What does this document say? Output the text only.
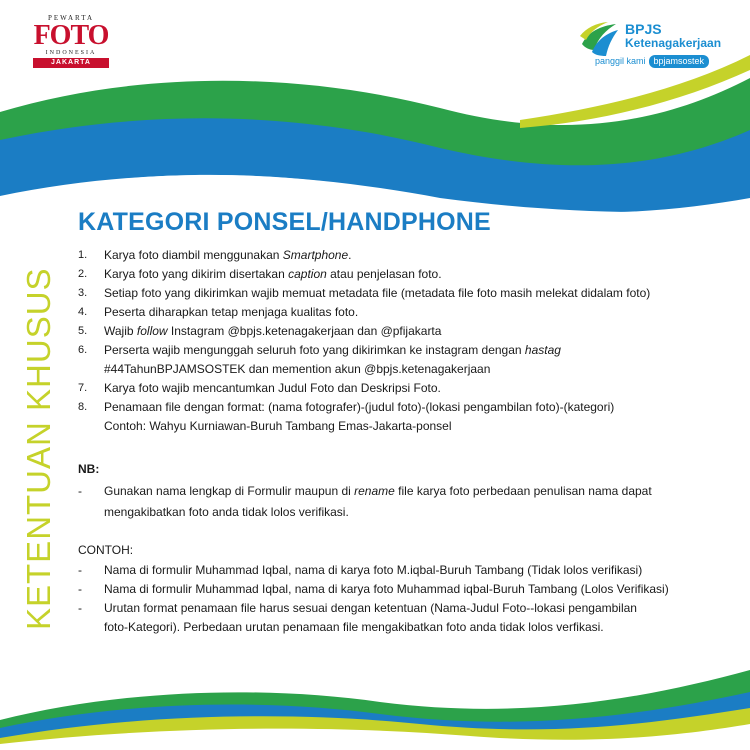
PEWARTA
FOTO
INDONESIA
JAKARTA
BPJS
Ketenagakerjaan
panggil kami bpjamsostek
KETENTUAN KHUSUS
KATEGORI PONSEL/HANDPHONE
1.	Karya foto diambil menggunakan Smartphone.
2.	Karya foto yang dikirim disertakan caption atau penjelasan foto.
3.	Setiap foto yang dikirimkan wajib memuat metadata file (metadata file foto masih melekat didalam foto)
4.	Peserta diharapkan tetap menjaga kualitas foto.
5.	Wajib follow Instagram @bpjs.ketenagakerjaan dan @pfijakarta
6.	Perserta wajib mengunggah seluruh foto yang dikirimkan ke instagram dengan hastag
#44TahunBPJAMSOSTEK dan memention akun @bpjs.ketenagakerjaan
7.	Karya foto wajib mencantumkan Judul Foto dan Deskripsi Foto.
8.	Penamaan file dengan format: (nama fotografer)-(judul foto)-(lokasi pengambilan foto)-(kategori)
Contoh: Wahyu Kurniawan-Buruh Tambang Emas-Jakarta-ponsel
NB:
-	Gunakan nama lengkap di Formulir maupun di rename file karya foto perbedaan penulisan nama dapat
mengakibatkan foto anda tidak lolos verifikasi.
CONTOH:
-	Nama di formulir Muhammad Iqbal, nama di karya foto M.iqbal-Buruh Tambang (Tidak lolos verifikasi)
-	Nama di formulir Muhammad Iqbal, nama di karya foto Muhammad iqbal-Buruh Tambang (Lolos Verifikasi)
-	Urutan format penamaan file harus sesuai dengan ketentuan (Nama-Judul Foto--lokasi pengambilan
foto-Kategori). Perbedaan urutan penamaan file mengakibatkan foto anda tidak lolos verfikasi.
